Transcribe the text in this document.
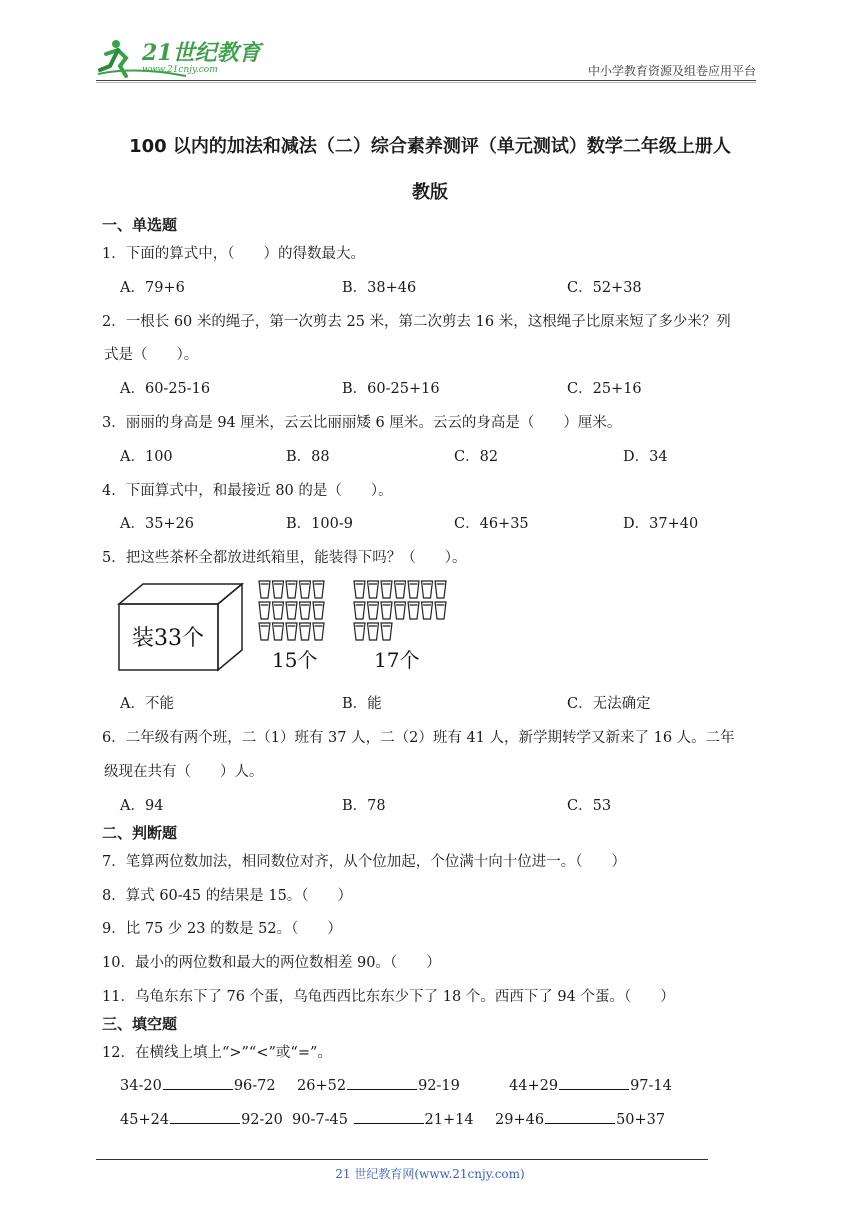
21世纪教育
www.21cnjy.com	中小学教育资源及组卷应用平台
100 以内的加法和减法（二）综合素养测评（单元测试）数学二年级上册人
教版
一、单选题
1．下面的算式中，（　　）的得数最大。
A．79+6	B．38+46	C．52+38
2．一根长 60 米的绳子，第一次剪去 25 米，第二次剪去 16 米，这根绳子比原来短了多少米？列
式是（　　）。
A．60-25-16	B．60-25+16	C．25+16
3．丽丽的身高是 94 厘米，云云比丽丽矮 6 厘米。云云的身高是（　　）厘米。
A．100	B．88	C．82	D．34
4．下面算式中，和最接近 80 的是（　　）。
A．35+26	B．100-9	C．46+35	D．37+40
5．把这些茶杯全都放进纸箱里，能装得下吗？（　　）。
装33个
15个	17个
A．不能	B．能	C．无法确定
6．二年级有两个班，二（1）班有 37 人，二（2）班有 41 人，新学期转学又新来了 16 人。二年
级现在共有（　　）人。
A．94	B．78	C．53
二、判断题
7．笔算两位数加法，相同数位对齐，从个位加起，个位满十向十位进一。（　　）
8．算式 60-45 的结果是 15。（　　）
9．比 75 少 23 的数是 52。（　　）
10．最小的两位数和最大的两位数相差 90。（　　）
11．乌龟东东下了 76 个蛋，乌龟西西比东东少下了 18 个。西西下了 94 个蛋。（　　）
三、填空题
12．在横线上填上“>”“<”或“=”。
34-20	96-72 26+52	92-19	44+29	97-14
45+24	92-20 90-7-45	21+14 29+46	50+37
21 世纪教育网(www.21cnjy.com)
